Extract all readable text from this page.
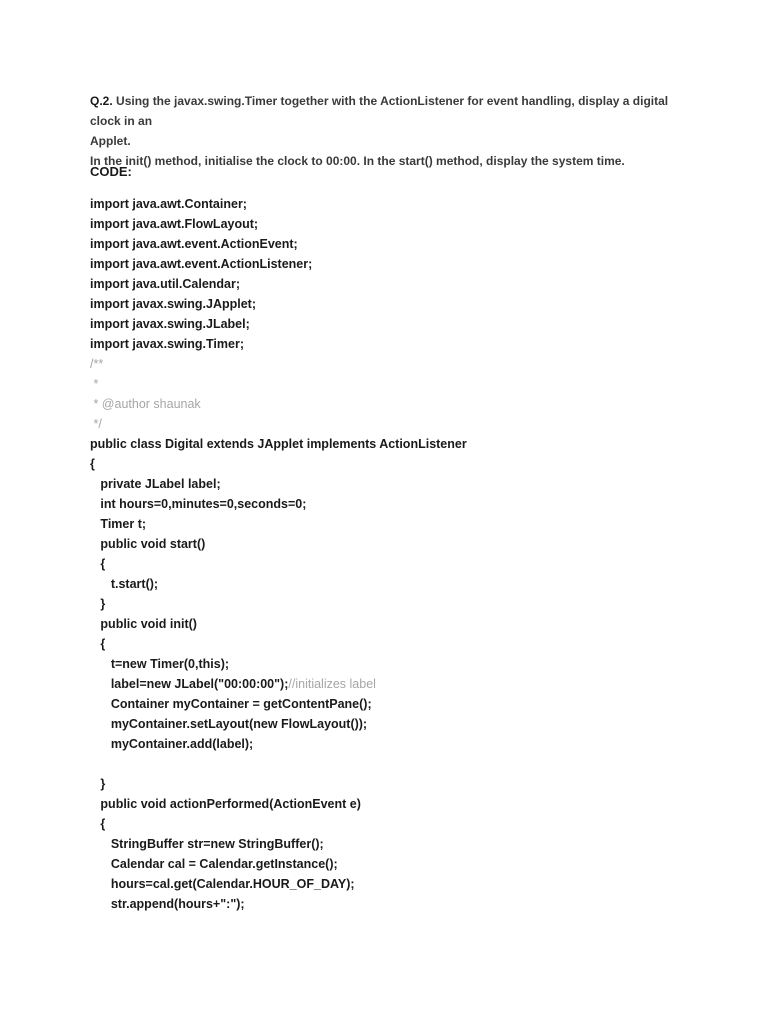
Q.2. Using the javax.swing.Timer together with the ActionListener for event handling, display a digital clock in an
Applet.
In the init() method, initialise the clock to 00:00. In the start() method, display the system time.
CODE:
import java.awt.Container;
import java.awt.FlowLayout;
import java.awt.event.ActionEvent;
import java.awt.event.ActionListener;
import java.util.Calendar;
import javax.swing.JApplet;
import javax.swing.JLabel;
import javax.swing.Timer;
/**
*
* @author shaunak
*/
public class Digital extends JApplet implements ActionListener
{
private JLabel label;
int hours=0,minutes=0,seconds=0;
Timer t;
public void start()
{
t.start();
}
public void init()
{
t=new Timer(0,this);
label=new JLabel("00:00:00");//initializes label
Container myContainer = getContentPane();
myContainer.setLayout(new FlowLayout());
myContainer.add(label);
}
public void actionPerformed(ActionEvent e)
{
StringBuffer str=new StringBuffer();
Calendar cal = Calendar.getInstance();
hours=cal.get(Calendar.HOUR_OF_DAY);
str.append(hours+":");
